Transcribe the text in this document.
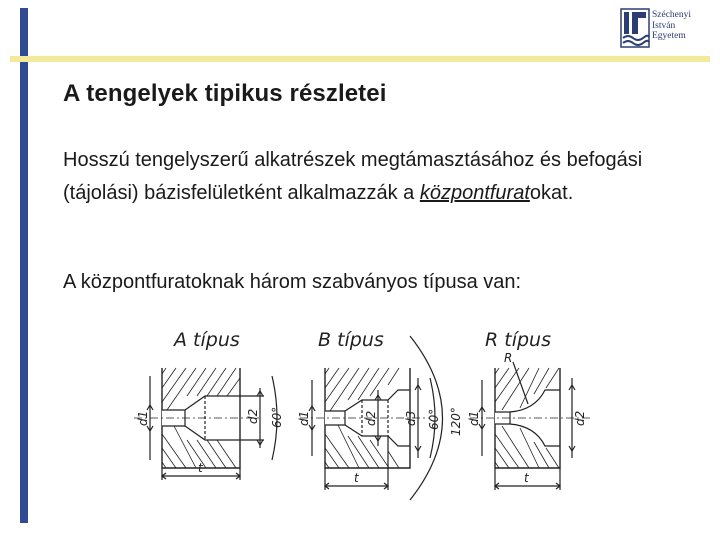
Széchenyi
István
Egyetem
A tengelyek tipikus részletei

Hosszú tengelyszerű alkatrészek megtámasztásához és befogási (tájolási) bázisfelületként alkalmazzák a központfuratokat.

A központfuratoknak három szabványos típusa van:

A típus	B típus	R típus
d1	d2 60°
t
d1	d2 d3 60° 120°
t
R
d1	d2
t
